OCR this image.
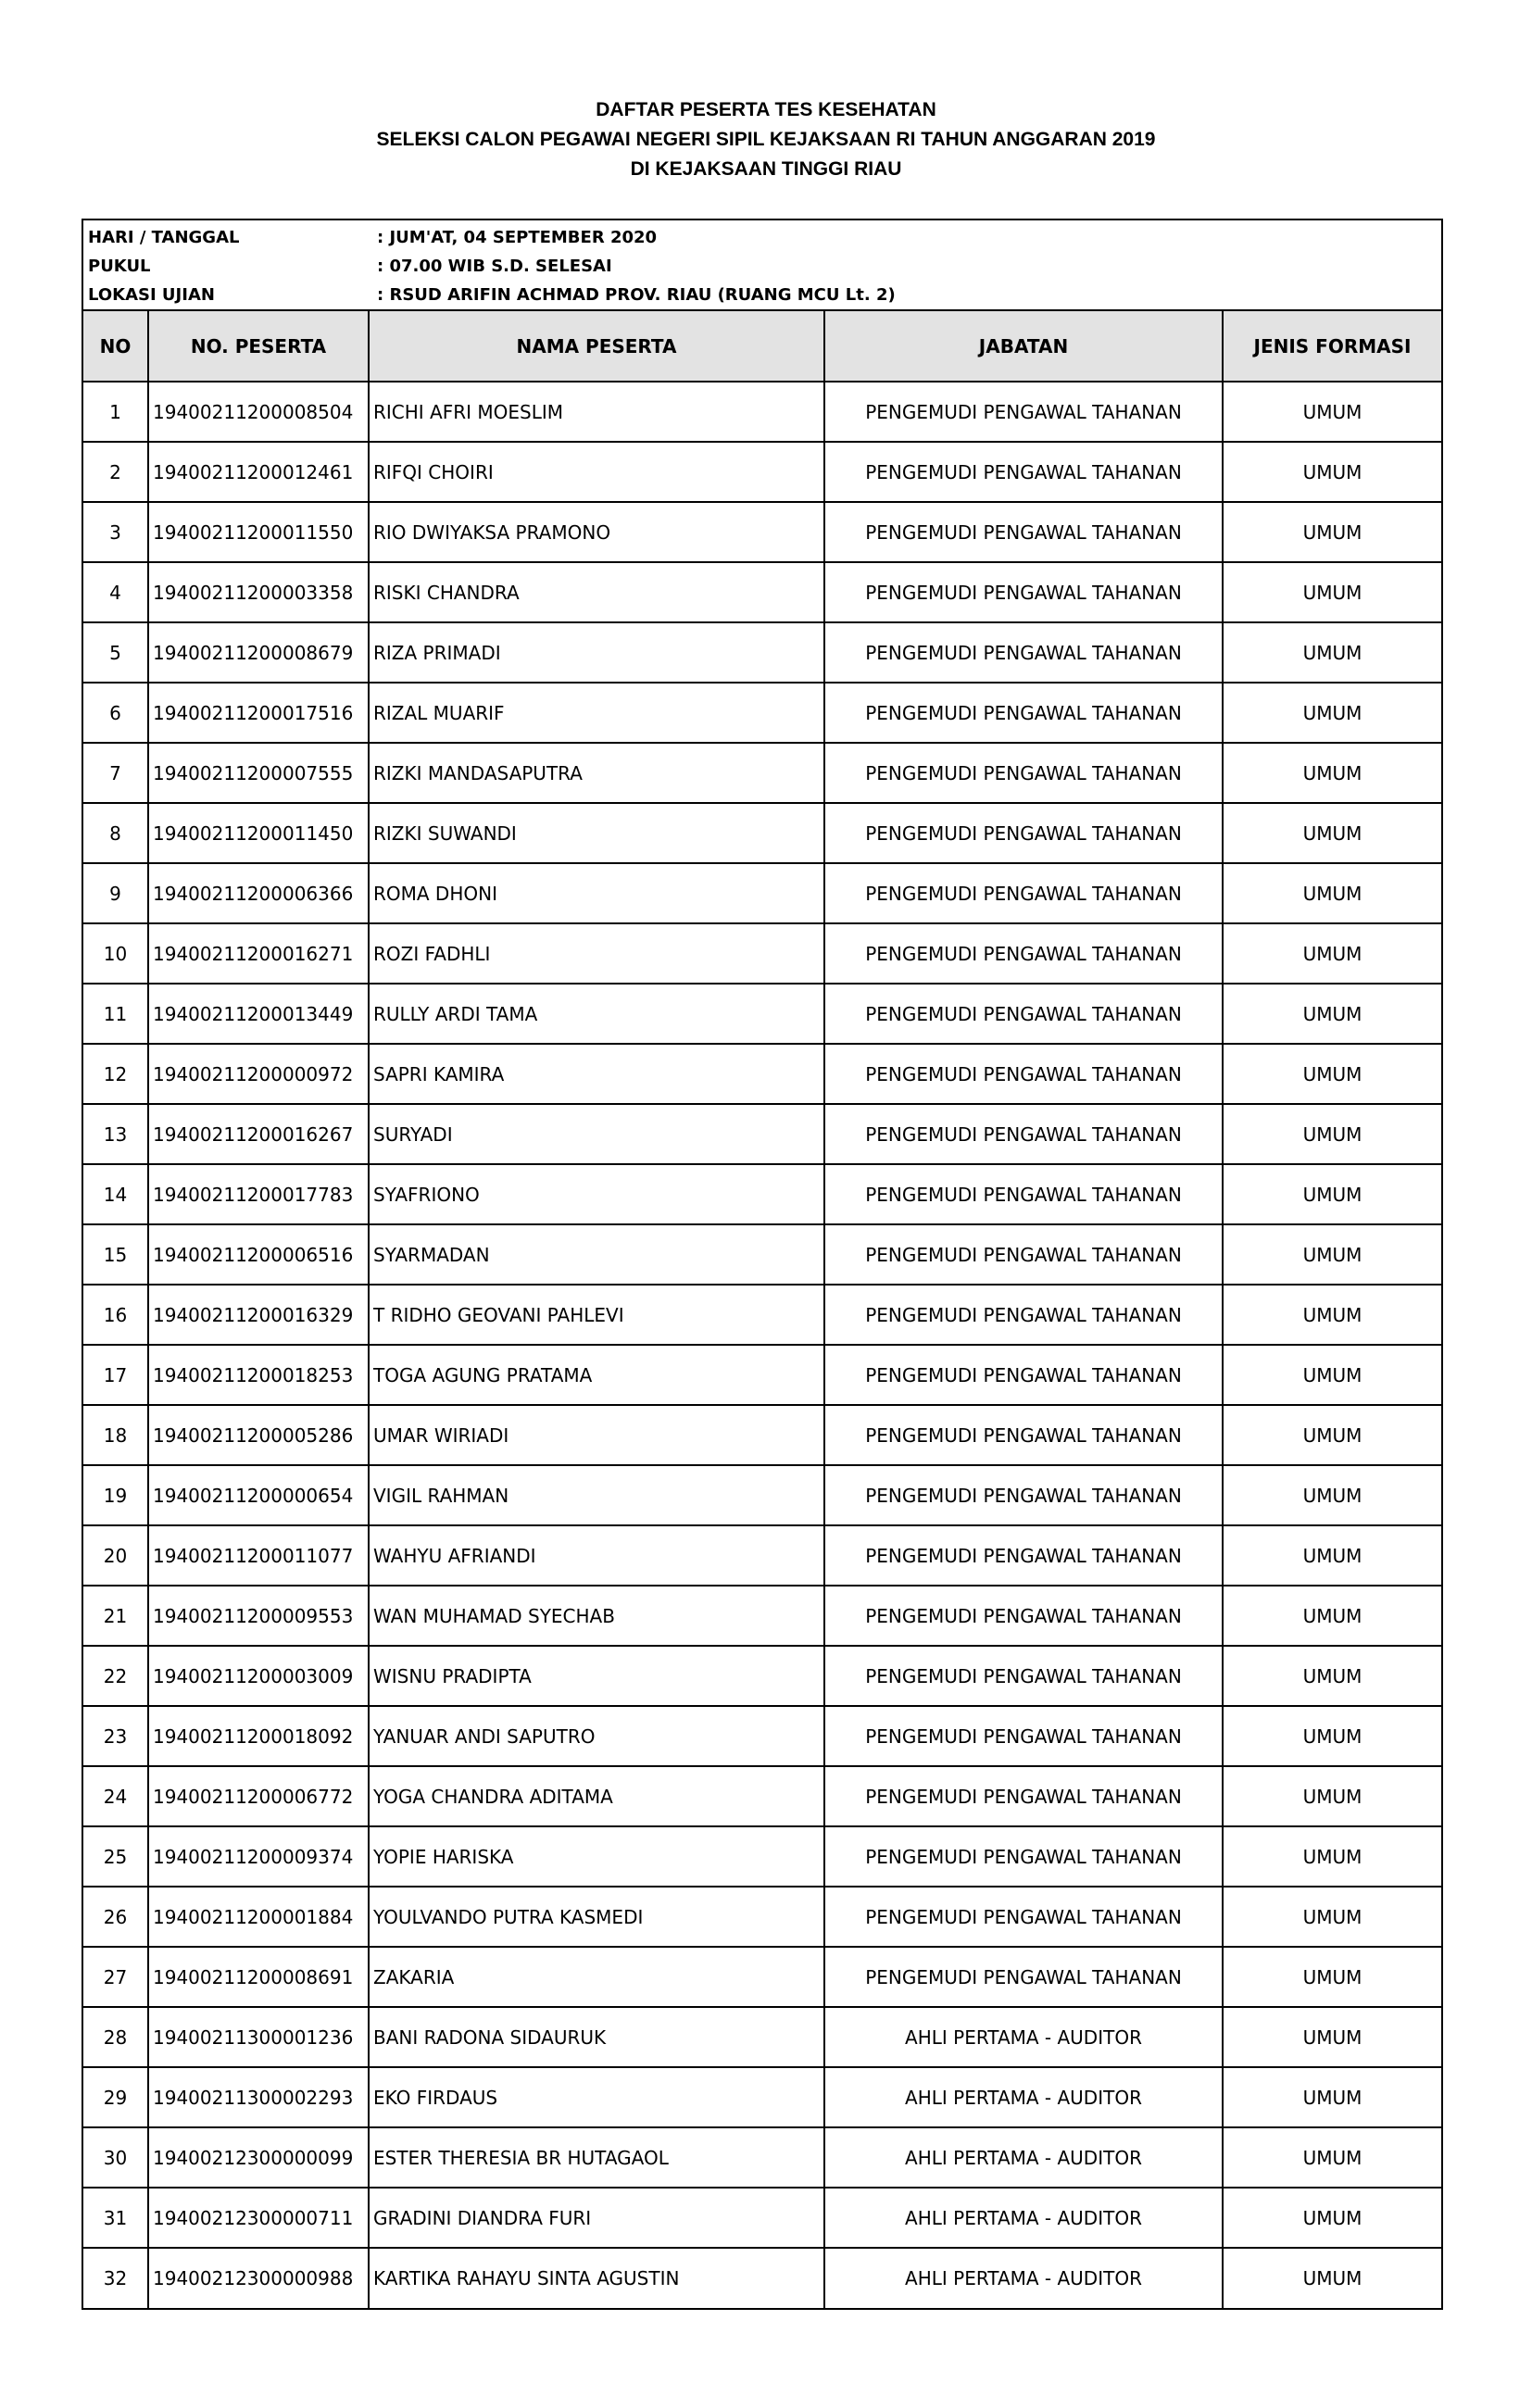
DAFTAR PESERTA TES KESEHATAN
SELEKSI CALON PEGAWAI NEGERI SIPIL KEJAKSAAN RI TAHUN ANGGARAN 2019
DI KEJAKSAAN TINGGI RIAU
HARI / TANGGAL	: JUM'AT, 04 SEPTEMBER 2020
PUKUL	: 07.00 WIB S.D. SELESAI
LOKASI UJIAN	: RSUD ARIFIN ACHMAD PROV. RIAU (RUANG MCU Lt. 2)
NO	NO. PESERTA	NAMA PESERTA	JABATAN	JENIS FORMASI
1	19400211200008504	RICHI AFRI MOESLIM	PENGEMUDI PENGAWAL TAHANAN	UMUM
2	19400211200012461	RIFQI CHOIRI	PENGEMUDI PENGAWAL TAHANAN	UMUM
3	19400211200011550	RIO DWIYAKSA PRAMONO	PENGEMUDI PENGAWAL TAHANAN	UMUM
4	19400211200003358	RISKI CHANDRA	PENGEMUDI PENGAWAL TAHANAN	UMUM
5	19400211200008679	RIZA PRIMADI	PENGEMUDI PENGAWAL TAHANAN	UMUM
6	19400211200017516	RIZAL MUARIF	PENGEMUDI PENGAWAL TAHANAN	UMUM
7	19400211200007555	RIZKI MANDASAPUTRA	PENGEMUDI PENGAWAL TAHANAN	UMUM
8	19400211200011450	RIZKI SUWANDI	PENGEMUDI PENGAWAL TAHANAN	UMUM
9	19400211200006366	ROMA DHONI	PENGEMUDI PENGAWAL TAHANAN	UMUM
10	19400211200016271	ROZI FADHLI	PENGEMUDI PENGAWAL TAHANAN	UMUM
11	19400211200013449	RULLY ARDI TAMA	PENGEMUDI PENGAWAL TAHANAN	UMUM
12	19400211200000972	SAPRI KAMIRA	PENGEMUDI PENGAWAL TAHANAN	UMUM
13	19400211200016267	SURYADI	PENGEMUDI PENGAWAL TAHANAN	UMUM
14	19400211200017783	SYAFRIONO	PENGEMUDI PENGAWAL TAHANAN	UMUM
15	19400211200006516	SYARMADAN	PENGEMUDI PENGAWAL TAHANAN	UMUM
16	19400211200016329	T RIDHO GEOVANI PAHLEVI	PENGEMUDI PENGAWAL TAHANAN	UMUM
17	19400211200018253	TOGA AGUNG PRATAMA	PENGEMUDI PENGAWAL TAHANAN	UMUM
18	19400211200005286	UMAR WIRIADI	PENGEMUDI PENGAWAL TAHANAN	UMUM
19	19400211200000654	VIGIL RAHMAN	PENGEMUDI PENGAWAL TAHANAN	UMUM
20	19400211200011077	WAHYU AFRIANDI	PENGEMUDI PENGAWAL TAHANAN	UMUM
21	19400211200009553	WAN MUHAMAD SYECHAB	PENGEMUDI PENGAWAL TAHANAN	UMUM
22	19400211200003009	WISNU PRADIPTA	PENGEMUDI PENGAWAL TAHANAN	UMUM
23	19400211200018092	YANUAR ANDI SAPUTRO	PENGEMUDI PENGAWAL TAHANAN	UMUM
24	19400211200006772	YOGA CHANDRA ADITAMA	PENGEMUDI PENGAWAL TAHANAN	UMUM
25	19400211200009374	YOPIE HARISKA	PENGEMUDI PENGAWAL TAHANAN	UMUM
26	19400211200001884	YOULVANDO PUTRA KASMEDI	PENGEMUDI PENGAWAL TAHANAN	UMUM
27	19400211200008691	ZAKARIA	PENGEMUDI PENGAWAL TAHANAN	UMUM
28	19400211300001236	BANI RADONA SIDAURUK	AHLI PERTAMA - AUDITOR	UMUM
29	19400211300002293	EKO FIRDAUS	AHLI PERTAMA - AUDITOR	UMUM
30	19400212300000099	ESTER THERESIA BR HUTAGAOL	AHLI PERTAMA - AUDITOR	UMUM
31	19400212300000711	GRADINI DIANDRA FURI	AHLI PERTAMA - AUDITOR	UMUM
32	19400212300000988	KARTIKA RAHAYU SINTA AGUSTIN	AHLI PERTAMA - AUDITOR	UMUM
